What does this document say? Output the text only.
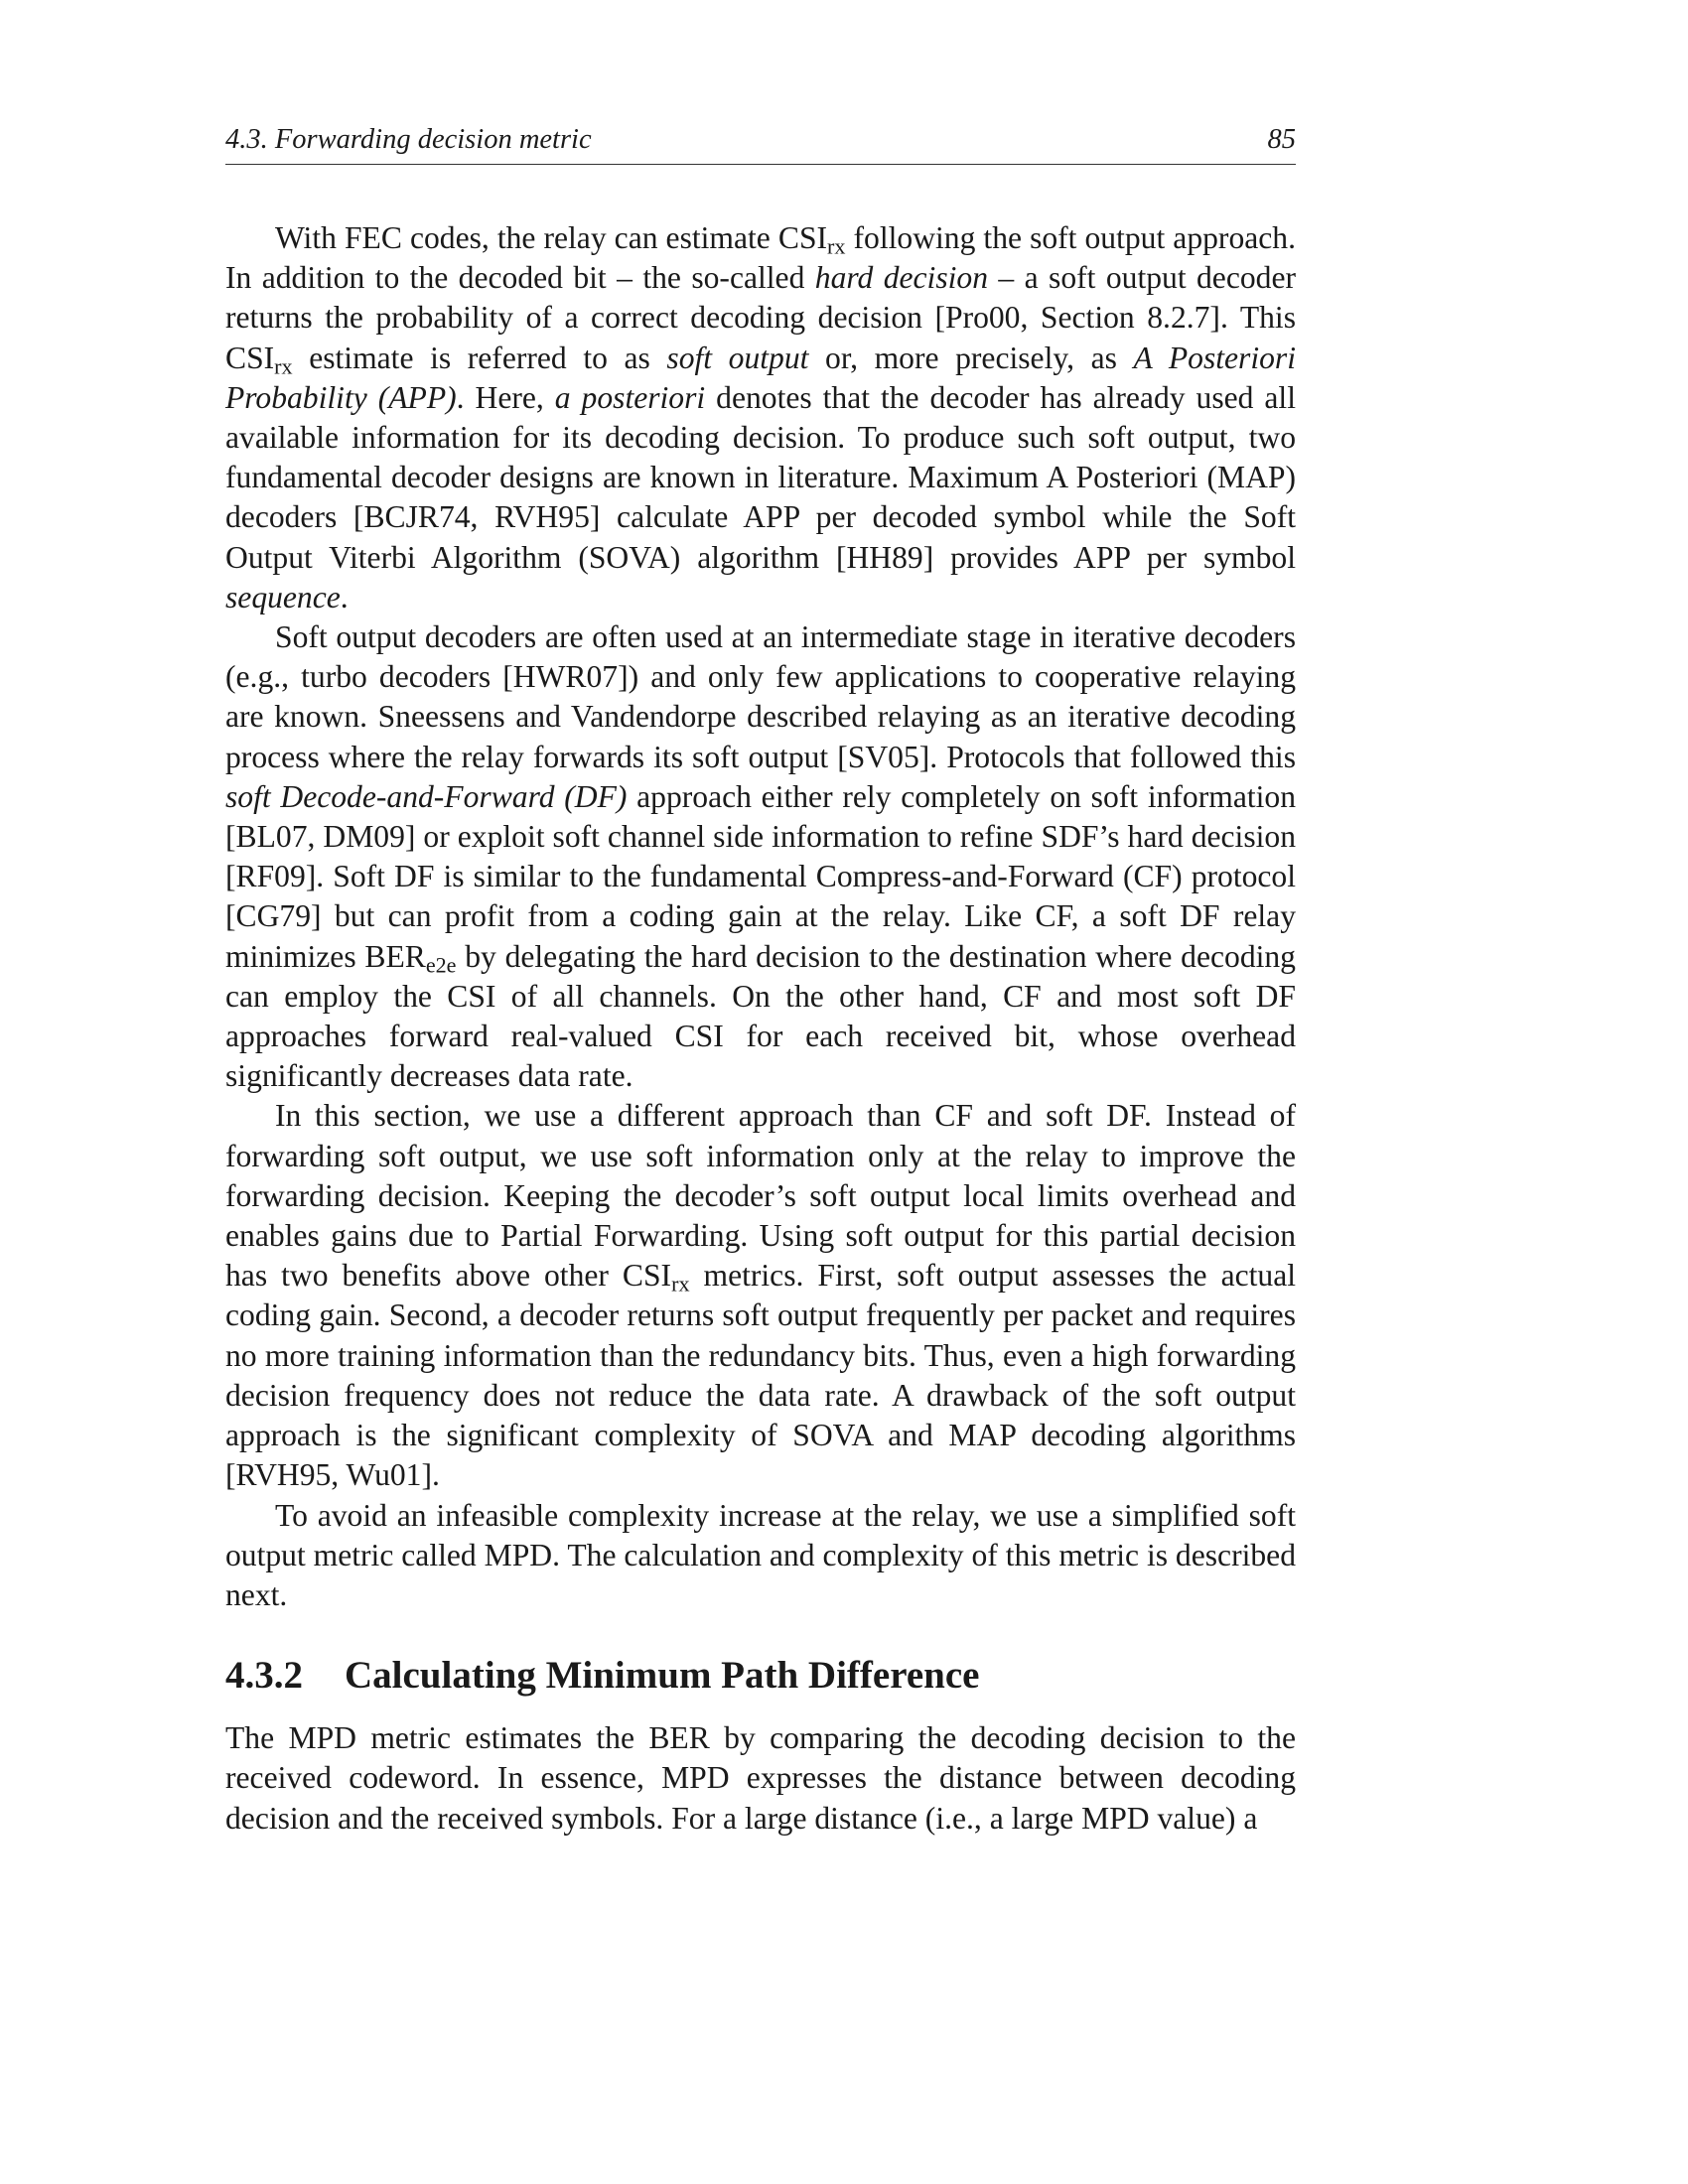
4.3. Forwarding decision metric	85

With FEC codes, the relay can estimate $CSI_{rx}$ following the soft output approach. In addition to the decoded bit – the so-called hard decision – a soft output decoder returns the probability of a correct decoding decision [Pro00, Section 8.2.7]. This $CSI_{rx}$ estimate is referred to as soft output or, more precisely, as A Posteriori Probability (APP). Here, a posteriori denotes that the decoder has already used all available information for its decoding decision. To produce such soft output, two fundamental decoder designs are known in literature. Maximum A Posteriori (MAP) decoders [BCJR74, RVH95] calculate APP per decoded symbol while the Soft Output Viterbi Algorithm (SOVA) algorithm [HH89] provides APP per symbol sequence.

Soft output decoders are often used at an intermediate stage in iterative decoders (e.g., turbo decoders [HWR07]) and only few applications to cooperative relaying are known. Sneessens and Vandendorpe described relaying as an iterative decoding process where the relay forwards its soft output [SV05]. Protocols that followed this soft Decode-and-Forward (DF) approach either rely completely on soft information [BL07, DM09] or exploit soft channel side information to refine SDF’s hard decision [RF09]. Soft DF is similar to the fundamental Compress-and-Forward (CF) protocol [CG79] but can profit from a coding gain at the relay. Like CF, a soft DF relay minimizes $BER_{e2e}$ by delegating the hard decision to the destination where decoding can employ the CSI of all channels. On the other hand, CF and most soft DF approaches forward real-valued CSI for each received bit, whose overhead significantly decreases data rate.

In this section, we use a different approach than CF and soft DF. Instead of forwarding soft output, we use soft information only at the relay to improve the forwarding decision. Keeping the decoder’s soft output local limits overhead and enables gains due to Partial Forwarding. Using soft output for this partial decision has two benefits above other $CSI_{rx}$ metrics. First, soft output assesses the actual coding gain. Second, a decoder returns soft output frequently per packet and requires no more training information than the redundancy bits. Thus, even a high forwarding decision frequency does not reduce the data rate. A drawback of the soft output approach is the significant complexity of SOVA and MAP decoding algorithms [RVH95, Wu01].

To avoid an infeasible complexity increase at the relay, we use a simplified soft output metric called MPD. The calculation and complexity of this metric is described next.

4.3.2 Calculating Minimum Path Difference

The MPD metric estimates the BER by comparing the decoding decision to the received codeword. In essence, MPD expresses the distance between decoding decision and the received symbols. For a large distance (i.e., a large MPD value) a
